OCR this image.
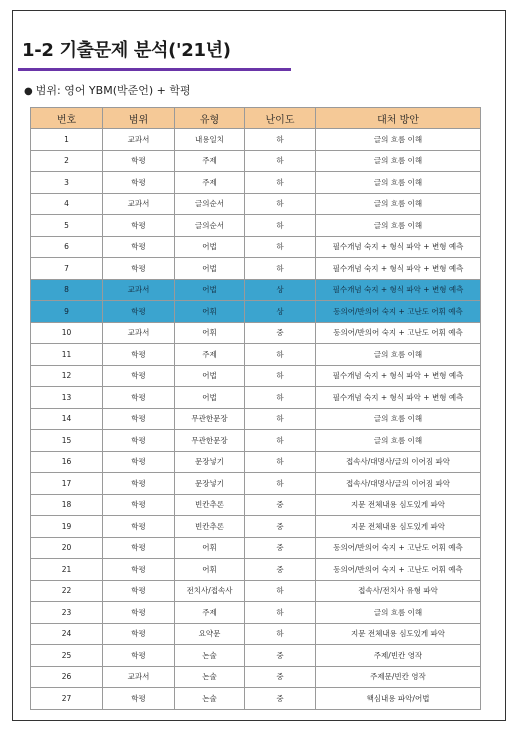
1-2 기출문제 분석('21년)
● 범위: 영어 YBM(박준언) + 학평
번호	범위	유형	난이도	대처 방안
1	교과서	내용일치	하	글의 흐름 이해
2	학평	주제	하	글의 흐름 이해
3	학평	주제	하	글의 흐름 이해
4	교과서	글의순서	하	글의 흐름 이해
5	학평	글의순서	하	글의 흐름 이해
6	학평	어법	하	필수개념 숙지 + 형식 파악 + 변형 예측
7	학평	어법	하	필수개념 숙지 + 형식 파악 + 변형 예측
8	교과서	어법	상	필수개념 숙지 + 형식 파악 + 변형 예측
9	학평	어휘	상	동의어/반의어 숙지 + 고난도 어휘 예측
10	교과서	어휘	중	동의어/반의어 숙지 + 고난도 어휘 예측
11	학평	주제	하	글의 흐름 이해
12	학평	어법	하	필수개념 숙지 + 형식 파악 + 변형 예측
13	학평	어법	하	필수개념 숙지 + 형식 파악 + 변형 예측
14	학평	무관한문장	하	글의 흐름 이해
15	학평	무관한문장	하	글의 흐름 이해
16	학평	문장넣기	하	접속사/대명사/글의 이어짐 파악
17	학평	문장넣기	하	접속사/대명사/글의 이어짐 파악
18	학평	빈칸추론	중	지문 전체내용 심도있게 파악
19	학평	빈칸추론	중	지문 전체내용 심도있게 파악
20	학평	어휘	중	동의어/반의어 숙지 + 고난도 어휘 예측
21	학평	어휘	중	동의어/반의어 숙지 + 고난도 어휘 예측
22	학평	전치사/접속사	하	접속사/전치사 유형 파악
23	학평	주제	하	글의 흐름 이해
24	학평	요약문	하	지문 전체내용 심도있게 파악
25	학평	논술	중	주제/빈칸 영작
26	교과서	논술	중	주제문/빈칸 영작
27	학평	논술	중	핵심내용 파악/어법
